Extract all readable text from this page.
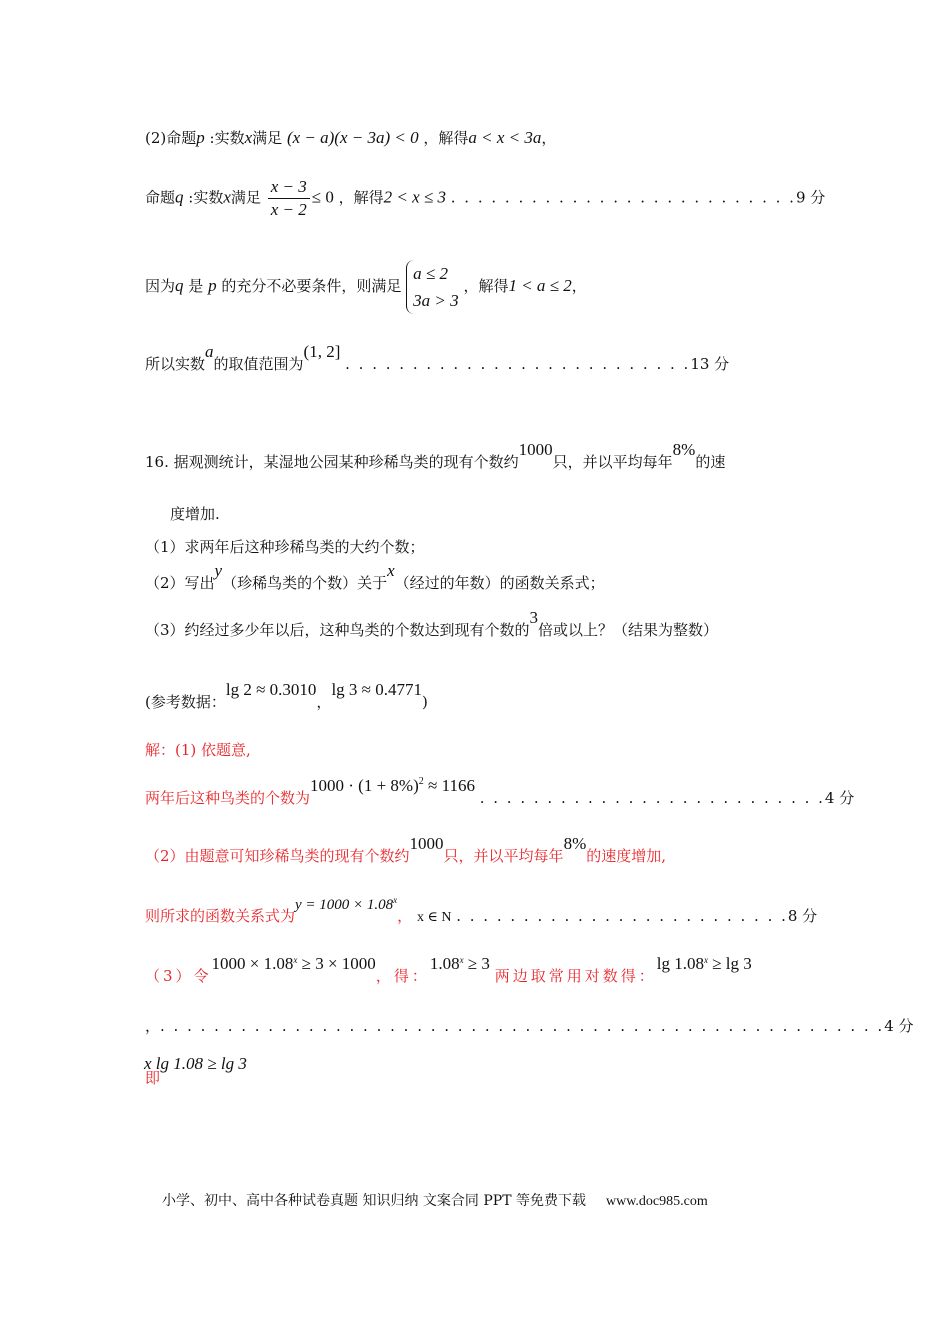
(2)命题p :实数x满足 (x − a)(x − 3a) < 0 ，解得a < x < 3a，
命题q :实数x满足 $\frac{x - 3}{x - 2} \le 0$ ，解得2 < x ≤ 3 . . . . . . . . . . . . . . . . . . . . . . . . . .9 分
因为q 是 p 的充分不必要条件，则满足
a ≤ 2
3a > 3
，解得1 < a ≤ 2，
所以实数a的取值范围为(1, 2] . . . . . . . . . . . . . . . . . . . . . . . . . .13 分
16. 据观测统计，某湿地公园某种珍稀鸟类的现有个数约1000只，并以平均每年8%的速
度增加.
（1）求两年后这种珍稀鸟类的大约个数；
（2）写出y（珍稀鸟类的个数）关于x（经过的年数）的函数关系式；
（3）约经过多少年以后，这种鸟类的个数达到现有个数的3倍或以上？（结果为整数）
(参考数据：lg 2 ≈ 0.3010，lg 3 ≈ 0.4771)
解：(1) 依题意,
两年后这种鸟类的个数为$1000 \cdot (1 + 8\%)^2 \approx 1166$ . . . . . . . . . . . . . . . . . . . . . . . . . .4 分
（2）由题意可知珍稀鸟类的现有个数约1000只，并以平均每年8%的速度增加,
则所求的函数关系式为$y = 1000 \times 1.08^x$， x ∈ N . . . . . . . . . . . . . . . . . . . . . . . . .8 分
（3）令$1000 \times 1.08^x \ge 3 \times 1000$，得：$1.08^x \ge 3$ 两边取常用对数得：$\lg 1.08^x \ge \lg 3$
，. . . . . . . . . . . . . . . . . . . . . . . . . . . . . . . . . . . . . . . . . . . . . . . . . . . . . .4 分
即x lg 1.08 ≥ lg 3
小学、初中、高中各种试卷真题 知识归纳 文案合同 PPT 等免费下载 www.doc985.com
